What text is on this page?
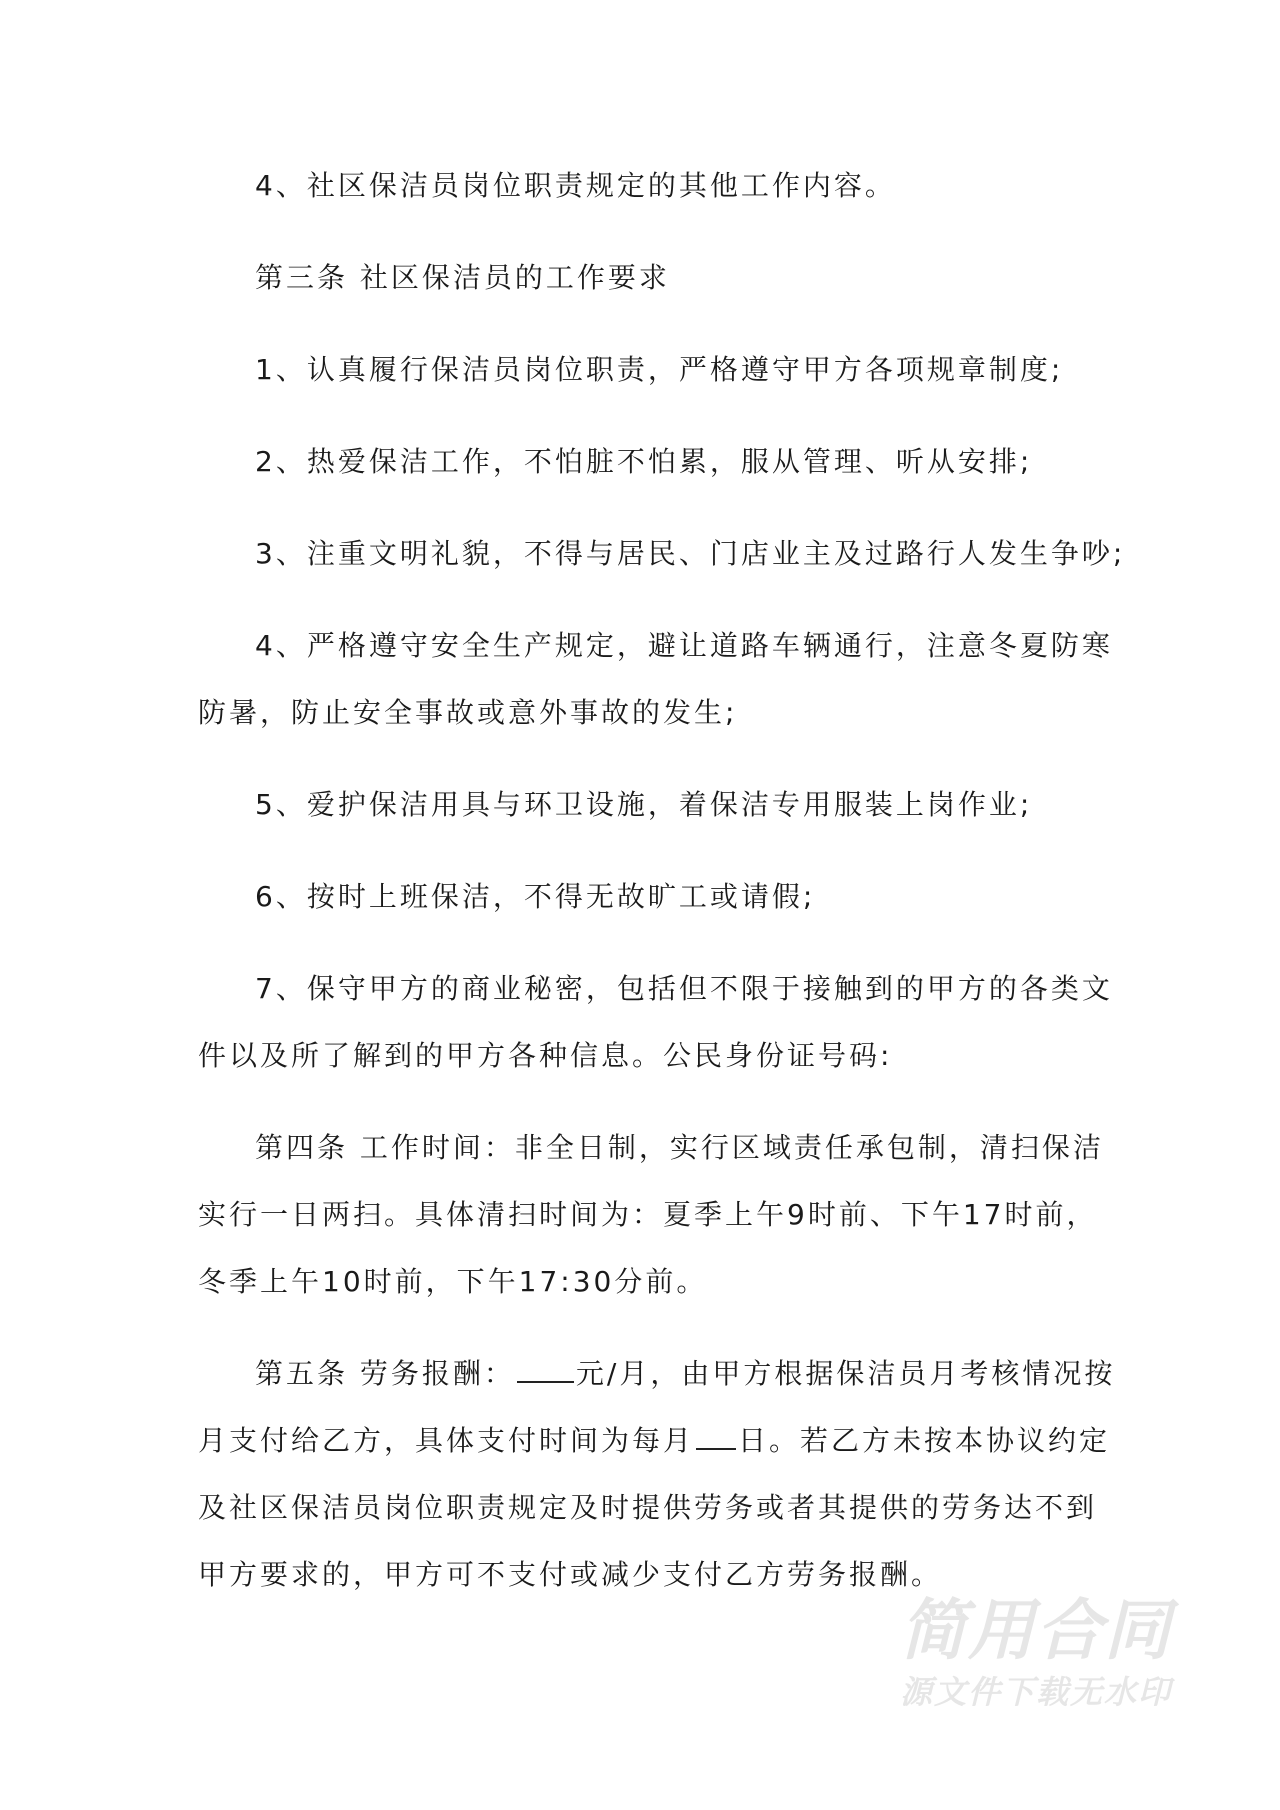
4、社区保洁员岗位职责规定的其他工作内容。
第三条 社区保洁员的工作要求
1、认真履行保洁员岗位职责，严格遵守甲方各项规章制度;
2、热爱保洁工作，不怕脏不怕累，服从管理、听从安排;
3、注重文明礼貌，不得与居民、门店业主及过路行人发生争吵;
4、严格遵守安全生产规定，避让道路车辆通行，注意冬夏防寒
防暑，防止安全事故或意外事故的发生;
5、爱护保洁用具与环卫设施，着保洁专用服装上岗作业;
6、按时上班保洁，不得无故旷工或请假;
7、保守甲方的商业秘密，包括但不限于接触到的甲方的各类文
件以及所了解到的甲方各种信息。公民身份证号码:
第四条 工作时间：非全日制，实行区域责任承包制，清扫保洁
实行一日两扫。具体清扫时间为：夏季上午9时前、下午17时前，
冬季上午10时前，下午17:30分前。
第五条 劳务报酬： 元/月，由甲方根据保洁员月考核情况按
月支付给乙方，具体支付时间为每月 日。若乙方未按本协议约定
及社区保洁员岗位职责规定及时提供劳务或者其提供的劳务达不到
甲方要求的，甲方可不支付或减少支付乙方劳务报酬。
简用合同
源文件下载无水印
